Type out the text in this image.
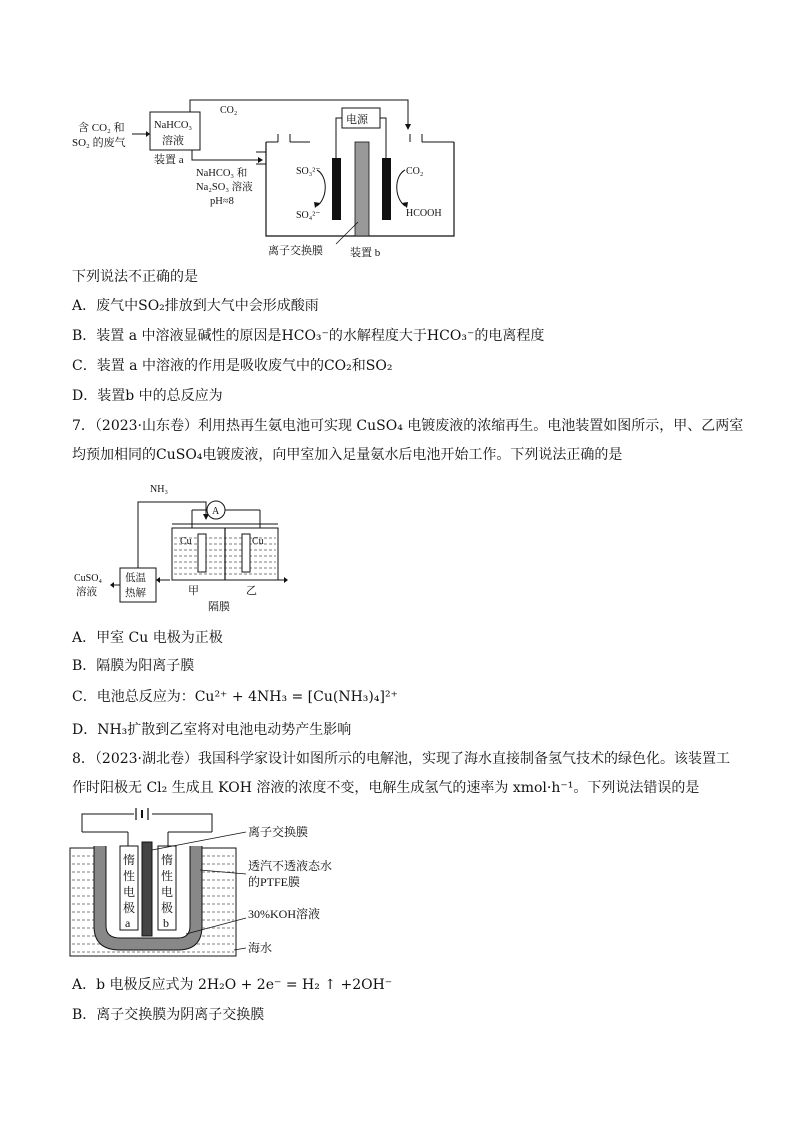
含 CO₂ 和
SO₂ 的废气
NaHCO₃
溶液
装置 a
CO₂
NaHCO₃ 和
Na₂SO₃ 溶液
pH≈8
电源
SO₃²⁻
SO₄²⁻
CO₂
HCOOH
离子交换膜 装置 b
下列说法不正确的是
A．废气中SO₂排放到大气中会形成酸雨
B．装置 a 中溶液显碱性的原因是HCO₃⁻的水解程度大于HCO₃⁻的电离程度
C．装置 a 中溶液的作用是吸收废气中的CO₂和SO₂
D．装置b 中的总反应为
7．（2023·山东卷）利用热再生氨电池可实现 CuSO₄ 电镀废液的浓缩再生。电池装置如图所示，甲、乙两室
均预加相同的CuSO₄电镀废液，向甲室加入足量氨水后电池开始工作。下列说法正确的是
NH₃
A
Cu	Cu
低温
热解
CuSO₄
溶液	甲	乙
隔膜
A．甲室 Cu 电极为正极
B．隔膜为阳离子膜
C．电池总反应为：Cu²⁺ + 4NH₃ = [Cu(NH₃)₄]²⁺
D．NH₃扩散到乙室将对电池电动势产生影响
8．（2023·湖北卷）我国科学家设计如图所示的电解池，实现了海水直接制备氢气技术的绿色化。该装置工
作时阳极无 Cl₂ 生成且 KOH 溶液的浓度不变，电解生成氢气的速率为 xmol·h⁻¹。下列说法错误的是
惰
性
电
极
a
惰
性
电
极
b
离子交换膜
透汽不透液态水
的PTFE膜
30%KOH溶液
海水
A．b 电极反应式为 2H₂O + 2e⁻ = H₂ ↑ +2OH⁻
B．离子交换膜为阴离子交换膜
